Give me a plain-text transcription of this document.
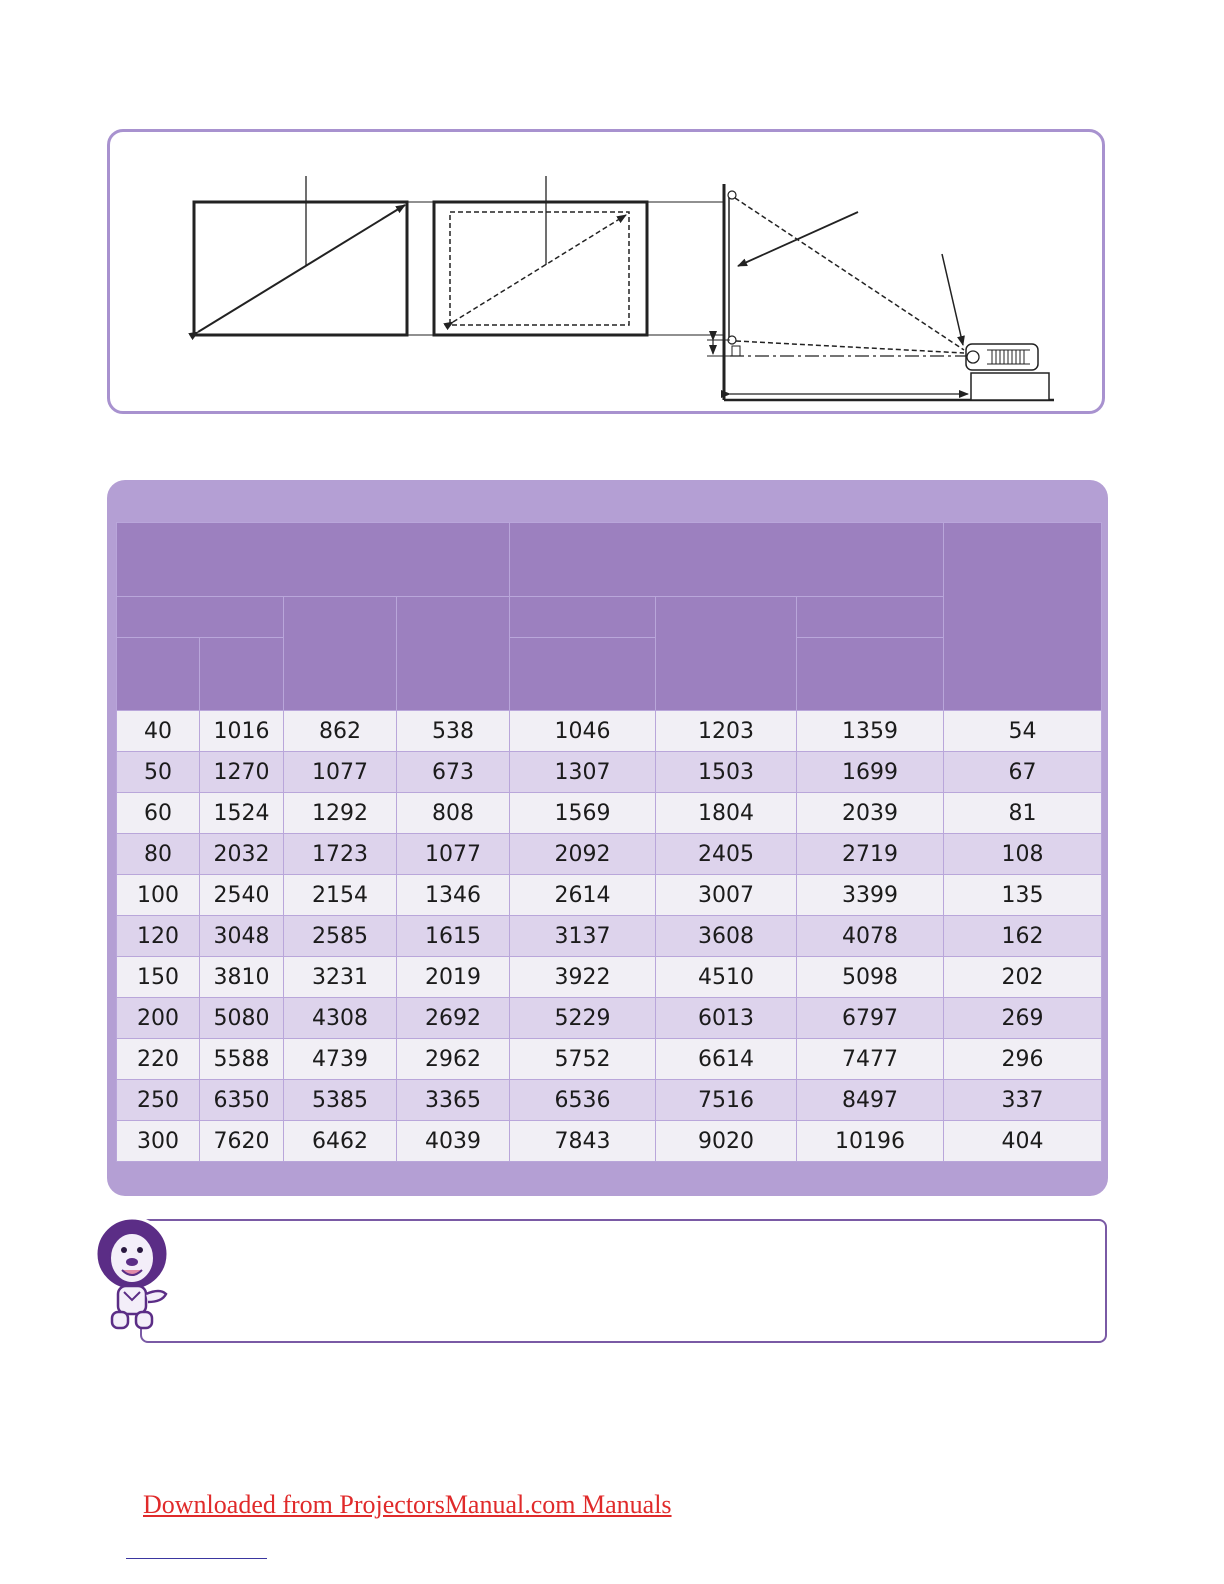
40	1016	862	538	1046	1203	1359	54
50	1270	1077	673	1307	1503	1699	67
60	1524	1292	808	1569	1804	2039	81
80	2032	1723	1077	2092	2405	2719	108
100	2540	2154	1346	2614	3007	3399	135
120	3048	2585	1615	3137	3608	4078	162
150	3810	3231	2019	3922	4510	5098	202
200	5080	4308	2692	5229	6013	6797	269
220	5588	4739	2962	5752	6614	7477	296
250	6350	5385	3365	6536	7516	8497	337
300	7620	6462	4039	7843	9020	10196	404
Downloaded from ProjectorsManual.com Manuals
